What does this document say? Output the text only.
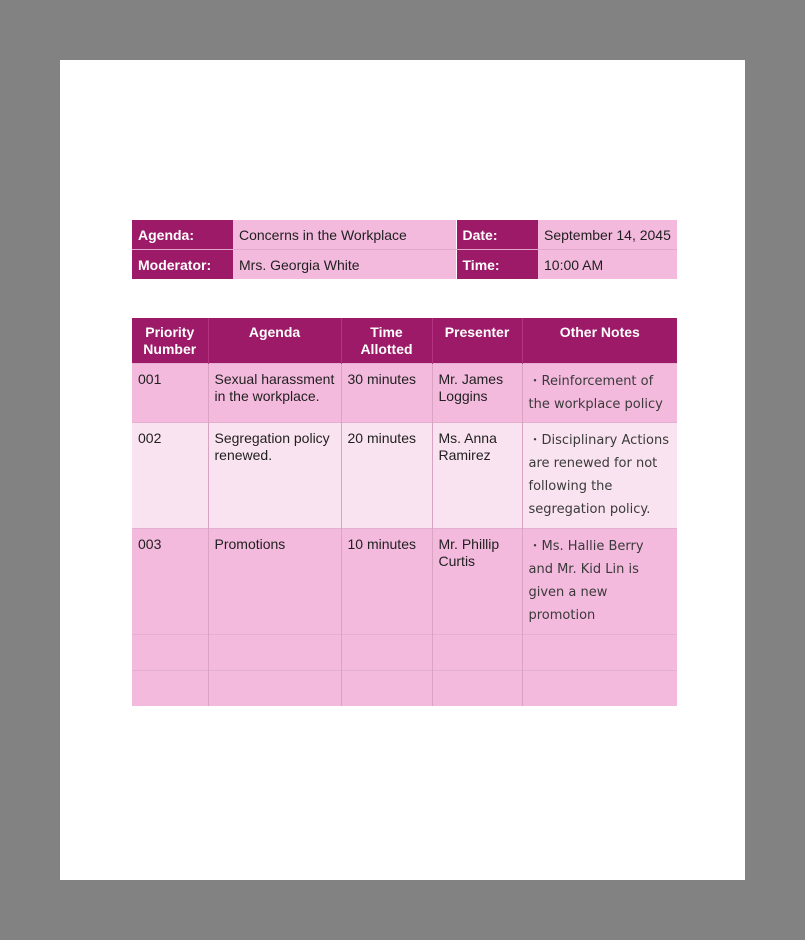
Agenda:	Concerns in the Workplace	Date:	September 14, 2045
Moderator:	Mrs. Georgia White	Time:	10:00 AM
Priority Number	Agenda	Time Allotted	Presenter	Other Notes
001	Sexual harassment in the workplace.	30 minutes	Mr. James Loggins	・Reinforcement of the workplace policy
002	Segregation policy renewed.	20 minutes	Ms. Anna Ramirez	・Disciplinary Actions are renewed for not following the segregation policy.
003	Promotions	10 minutes	Mr. Phillip Curtis	・Ms. Hallie Berry and Mr. Kid Lin is given a new promotion
